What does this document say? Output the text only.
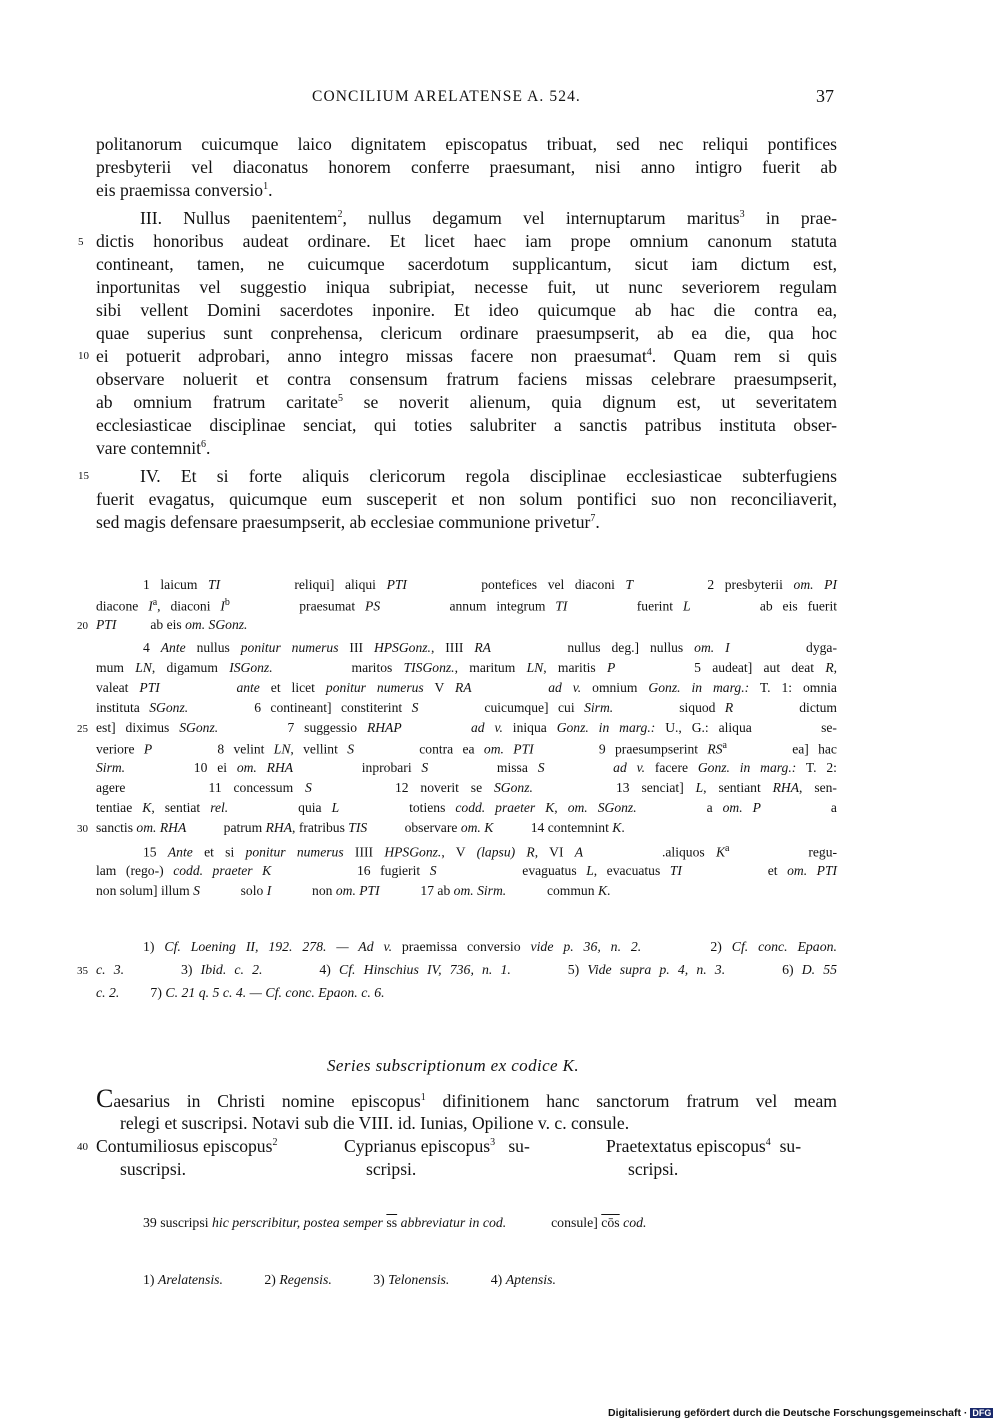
CONCILIUM ARELATENSE A. 524.	37
politanorum cuicumque laico dignitatem episcopatus tribuat, sed nec reliqui pontifices
presbyterii vel diaconatus honorem conferre praesumant, nisi anno intigro fuerit ab
eis praemissa conversio$^1$.
III. Nullus paenitentem$^2$, nullus degamum vel internuptarum maritus$^3$ in prae-
5 dictis honoribus audeat ordinare. Et licet haec iam prope omnium canonum statuta
contineant, tamen, ne cuicumque sacerdotum supplicantum, sicut iam dictum est,
inportunitas vel suggestio iniqua subripiat, necesse fuit, ut nunc severiorem regulam
sibi vellent Domini sacerdotes inponire. Et ideo quicumque ab hac die contra ea,
quae superius sunt conprehensa, clericum ordinare praesumpserit, ab ea die, qua hoc
10 ei potuerit adprobari, anno integro missas facere non praesumat$^4$. Quam rem si quis
observare noluerit et contra consensum fratrum faciens missas celebrare praesumpserit,
ab omnium fratrum caritate$^5$ se noverit alienum, quia dignum est, ut severitatem
ecclesiasticae disciplinae senciat, qui toties salubriter a sanctis patribus instituta obser-
vare contemnit$^6$.
15	IV. Et si forte aliquis clericorum regola disciplinae ecclesiasticae subterfugiens
fuerit evagatus, quicumque eum susceperit et non solum pontifici suo non reconciliaverit,
sed magis defensare praesumpserit, ab ecclesiae communione privetur$^7$.
1 laicum TI	reliqui] aliqui PTI	pontefices vel diaconi T	2 presbyterii om. PI
diacone $I^a$, diaconi $I^b$	praesumat PS	annum integrum TI	fuerint L	ab eis fuerit
20 PTI ab eis om. SGonz.
4 Ante nullus ponitur numerus III HPSGonz., IIII RA	nullus deg.] nullus om. I	dyga-
mum LN, digamum ISGonz.	maritos TISGonz., maritum LN, maritis P	5 audeat] aut deat R,
valeat PTI	ante et licet ponitur numerus V RA	ad v. omnium Gonz. in marg.: T. 1: omnia
instituta SGonz.	6 contineant] constiterint S	cuicumque] cui Sirm.	siquod R	dictum
25 est] diximus SGonz.	7 suggessio RHAP	ad v. iniqua Gonz. in marg.: U., G.: aliqua	se-
veriore P	8 velint LN, vellint S	contra ea om. PTI	9 praesumpserint $RS^a$	ea] hac
Sirm.	10 ei om. RHA	inprobari S	missa S	ad v. facere Gonz. in marg.: T. 2:
agere	11 concessum S	12 noverit se SGonz.	13 senciat] L, sentiant RHA, sen-
tentiae K, sentiat rel.	quia L	totiens codd. praeter K, om. SGonz.	a om. P	a
30 sanctis om. RHA	patrum RHA, fratribus TIS	observare om. K	14 contemnint K.
15 Ante et si ponitur numerus IIII HPSGonz., V (lapsu) R, VI A	.aliquos $K^a$	regu-
lam (rego-) codd. praeter K	16 fugierit S	evaguatus L, evacuatus TI	et om. PTI
non solum] illum S	solo I	non om. PTI	17 ab om. Sirm.	commun K.
1) Cf. Loening II, 192. 278. — Ad v. praemissa conversio vide p. 36, n. 2.	2) Cf. conc. Epaon.
35 c. 3.	3) Ibid. c. 2.	4) Cf. Hinschius IV, 736, n. 1.	5) Vide supra p. 4, n. 3.	6) D. 55
c. 2. 7) C. 21 q. 5 c. 4. — Cf. conc. Epaon. c. 6.
Series subscriptionum ex codice K.
Caesarius in Christi nomine episcopus$^1$ difinitionem hanc sanctorum fratrum vel meam
relegi et suscripsi. Notavi sub die VIII. id. Iunias, Opilione v. c. consule.
40 Contumiliosus episcopus$^2$
suscripsi.
Cyprianus episcopus$^3$ su-
scripsi.
Praetextatus episcopus$^4$ su-
scripsi.
39 suscripsi hic perscribitur, postea semper $\overline{ss}$ abbreviatur in cod.	consule] $\overline{cōs}$ cod.
1) Arelatensis.	2) Regensis.	3) Telonensis.	4) Aptensis.
Digitalisierung gefördert durch die Deutsche Forschungsgemeinschaft · DFG
